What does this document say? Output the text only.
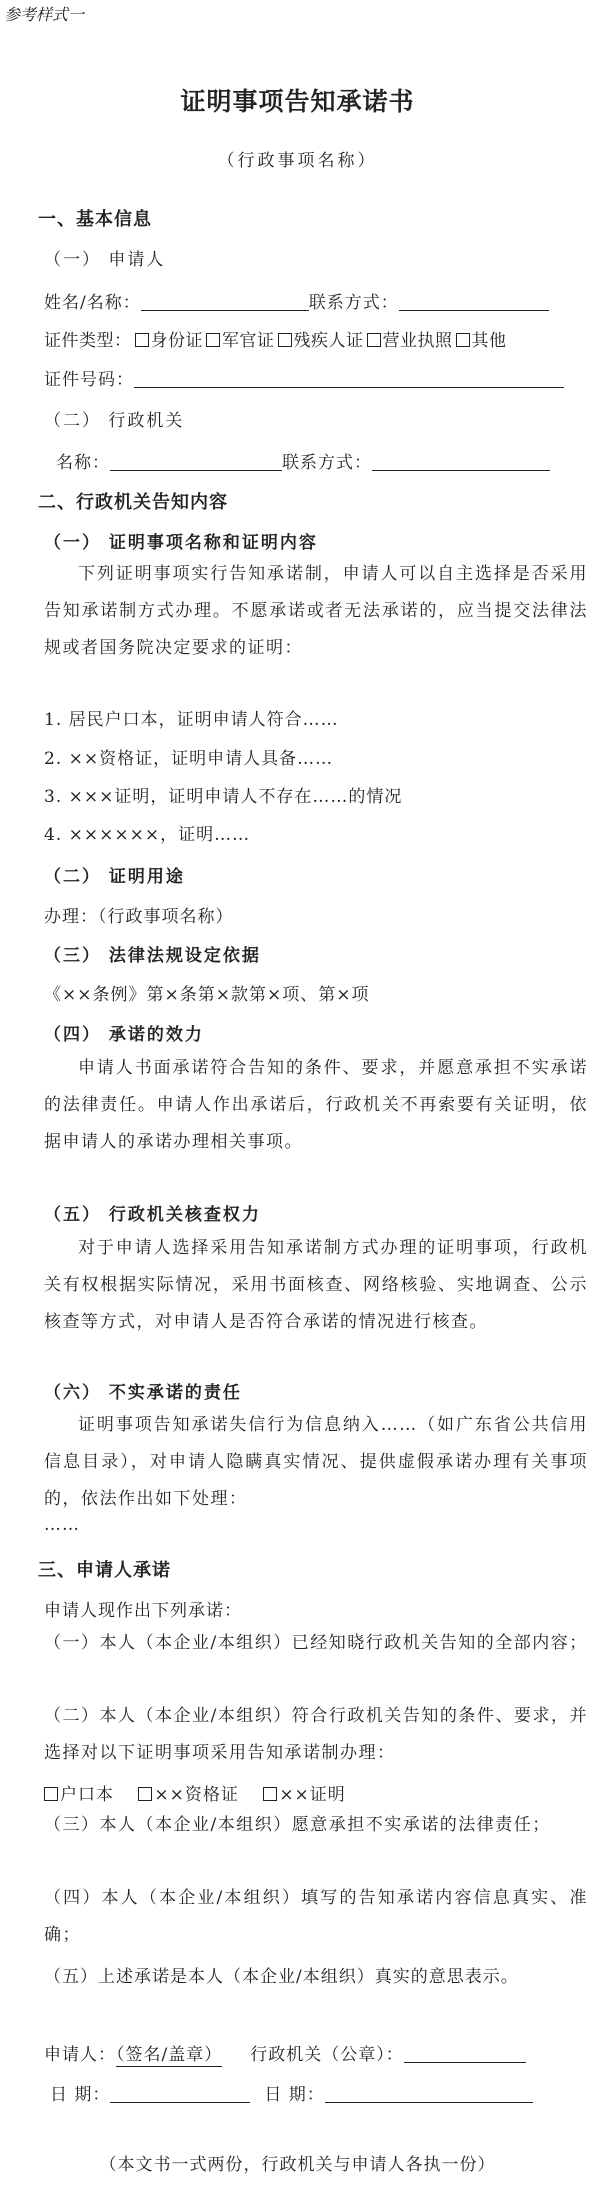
参考样式一
证明事项告知承诺书
（行政事项名称）
一、基本信息
（一） 申请人
姓名/名称：	联系方式：
证件类型： 身份证 军官证 残疾人证 营业执照 其他
证件号码：
（二） 行政机关
名称：	联系方式：
二、行政机关告知内容
（一） 证明事项名称和证明内容
下列证明事项实行告知承诺制，申请人可以自主选择是否采用告知承诺制方式办理。不愿承诺或者无法承诺的，应当提交法律法规或者国务院决定要求的证明：
1. 居民户口本，证明申请人符合……
2. ××资格证，证明申请人具备……
3. ×××证明，证明申请人不存在……的情况
4. ××××××，证明……
（二） 证明用途
办理：（行政事项名称）
（三） 法律法规设定依据
《××条例》第×条第×款第×项、第×项
（四） 承诺的效力
申请人书面承诺符合告知的条件、要求，并愿意承担不实承诺的法律责任。申请人作出承诺后，行政机关不再索要有关证明，依据申请人的承诺办理相关事项。
（五） 行政机关核查权力
对于申请人选择采用告知承诺制方式办理的证明事项，行政机关有权根据实际情况，采用书面核查、网络核验、实地调查、公示核查等方式，对申请人是否符合承诺的情况进行核查。
（六） 不实承诺的责任
证明事项告知承诺失信行为信息纳入……（如广东省公共信用信息目录），对申请人隐瞒真实情况、提供虚假承诺办理有关事项的，依法作出如下处理：
……
三、申请人承诺
申请人现作出下列承诺：
（一）本人（本企业/本组织）已经知晓行政机关告知的全部内容；
（二）本人（本企业/本组织）符合行政机关告知的条件、要求，并选择对以下证明事项采用告知承诺制办理：
户口本 ××资格证 ××证明
（三）本人（本企业/本组织）愿意承担不实承诺的法律责任；
（四）本人（本企业/本组织）填写的告知承诺内容信息真实、准确；
（五）上述承诺是本人（本企业/本组织）真实的意思表示。
申请人：（签名/盖章） 行政机关（公章）：
日 期：	日 期：
（本文书一式两份，行政机关与申请人各执一份）
